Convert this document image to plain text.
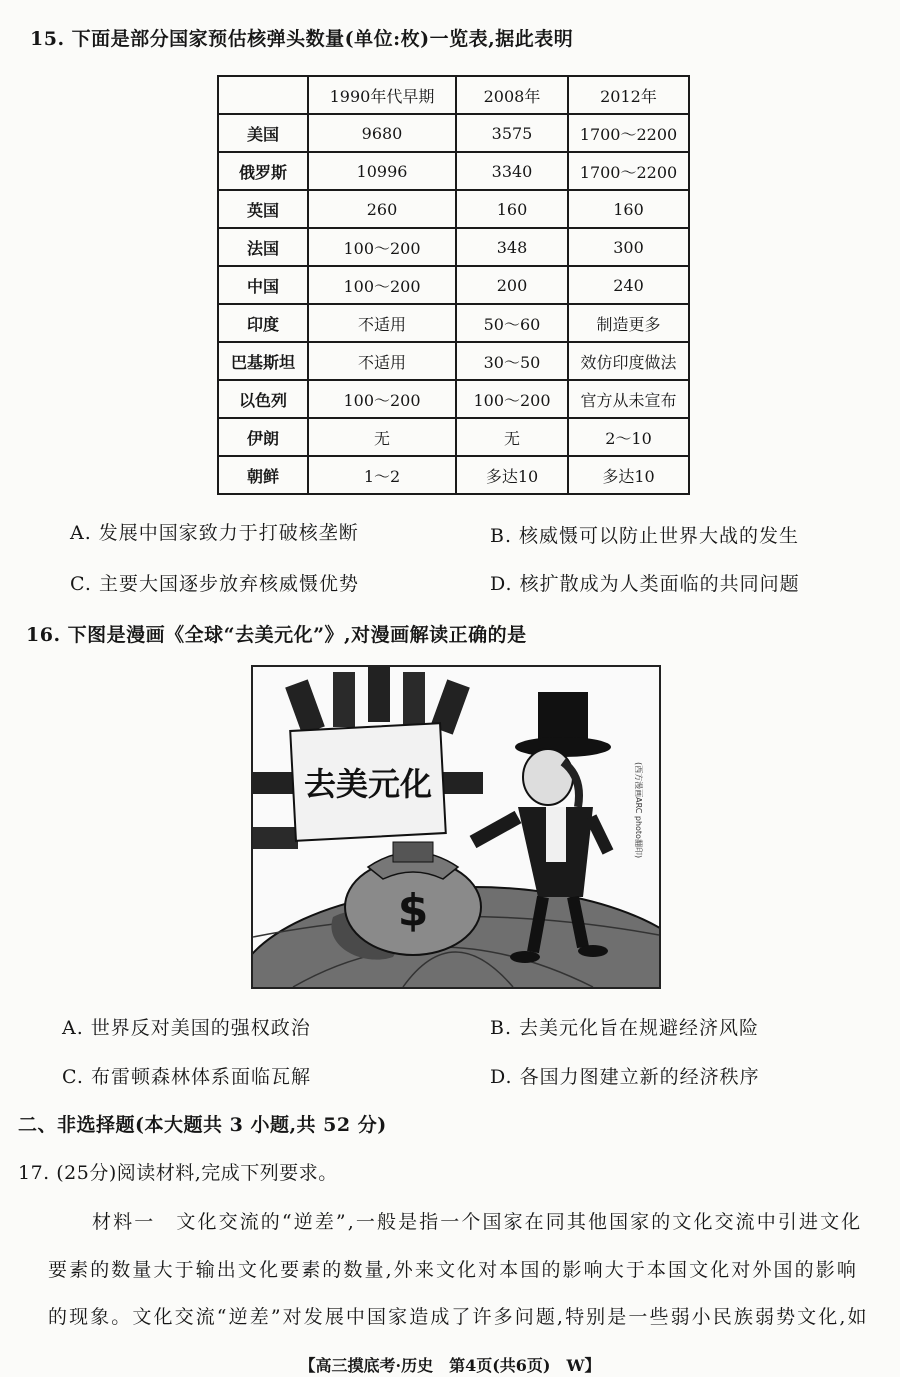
15. 下面是部分国家预估核弹头数量(单位:枚)一览表,据此表明
	1990年代早期	2008年	2012年
美国	9680	3575	1700～2200
俄罗斯	10996	3340	1700～2200
英国	260	160	160
法国	100～200	348	300
中国	100～200	200	240
印度	不适用	50～60	制造更多
巴基斯坦	不适用	30～50	效仿印度做法
以色列	100～200	100～200	官方从未宣布
伊朗	无	无	2～10
朝鲜	1～2	多达10	多达10
A. 发展中国家致力于打破核垄断	B. 核威慑可以防止世界大战的发生
C. 主要大国逐步放弃核威慑优势	D. 核扩散成为人类面临的共同问题
16. 下图是漫画《全球“去美元化”》,对漫画解读正确的是
去美元化
$
(西方漫画ARC photo翻印)
A. 世界反对美国的强权政治	B. 去美元化旨在规避经济风险
C. 布雷顿森林体系面临瓦解	D. 各国力图建立新的经济秩序
二、非选择题(本大题共 3 小题,共 52 分)
17. (25分)阅读材料,完成下列要求。
材料一　文化交流的“逆差”,一般是指一个国家在同其他国家的文化交流中引进文化
要素的数量大于输出文化要素的数量,外来文化对本国的影响大于本国文化对外国的影响
的现象。文化交流“逆差”对发展中国家造成了许多问题,特别是一些弱小民族弱势文化,如
【高三摸底考·历史　第4页(共6页)　W】
